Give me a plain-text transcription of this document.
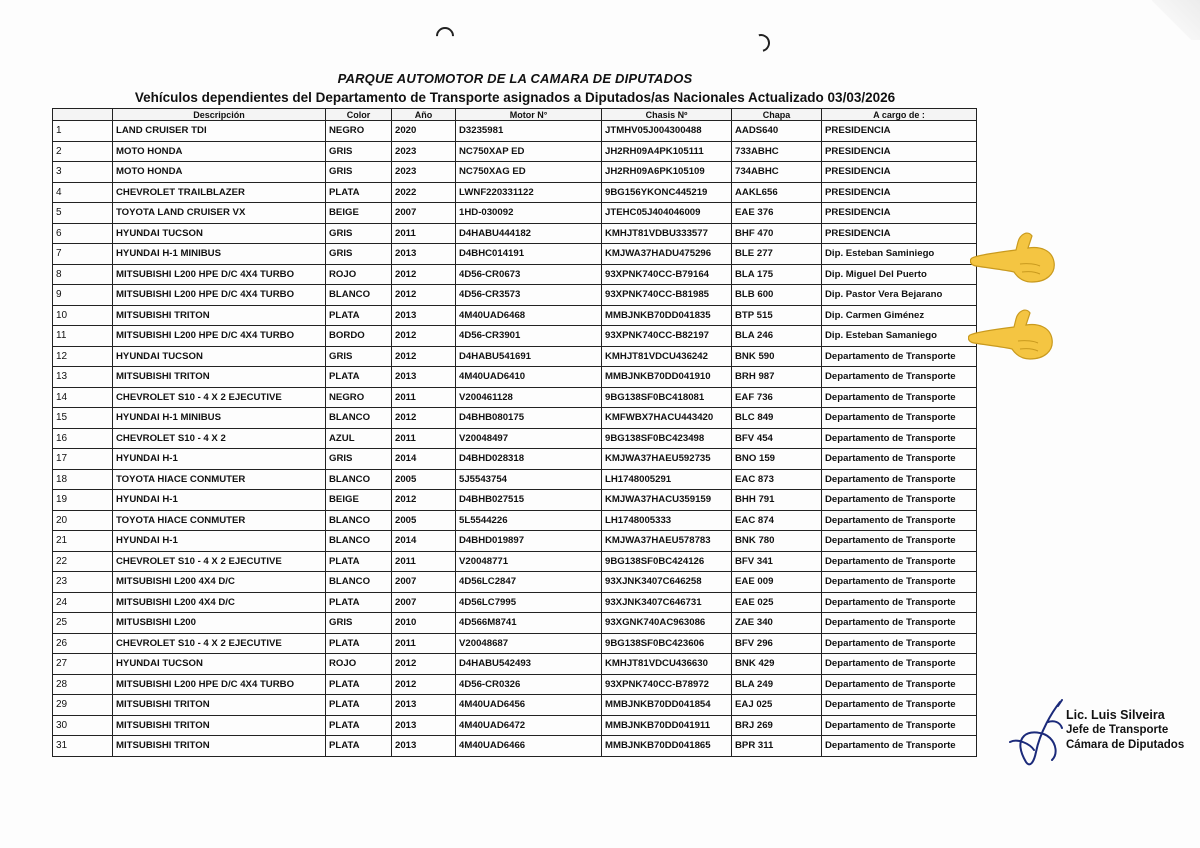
PARQUE AUTOMOTOR DE LA CAMARA DE DIPUTADOS
Vehículos dependientes del Departamento de Transporte asignados a Diputados/as Nacionales Actualizado 03/03/2026
	Descripción	Color	Año	Motor N°	Chasis Nº	Chapa	A cargo de :
1	LAND CRUISER TDI	NEGRO	2020	D3235981	JTMHV05J004300488	AADS640	PRESIDENCIA
2	MOTO HONDA	GRIS	2023	NC750XAP ED	JH2RH09A4PK105111	733ABHC	PRESIDENCIA
3	MOTO HONDA	GRIS	2023	NC750XAG ED	JH2RH09A6PK105109	734ABHC	PRESIDENCIA
4	CHEVROLET TRAILBLAZER	PLATA	2022	LWNF220331122	9BG156YKONC445219	AAKL656	PRESIDENCIA
5	TOYOTA LAND CRUISER VX	BEIGE	2007	1HD-030092	JTEHC05J404046009	EAE 376	PRESIDENCIA
6	HYUNDAI TUCSON	GRIS	2011	D4HABU444182	KMHJT81VDBU333577	BHF 470	PRESIDENCIA
7	HYUNDAI H-1 MINIBUS	GRIS	2013	D4BHC014191	KMJWA37HADU475296	BLE 277	Dip. Esteban Saminiego
8	MITSUBISHI L200 HPE D/C 4X4 TURBO	ROJO	2012	4D56-CR0673	93XPNK740CC-B79164	BLA 175	Dip. Miguel Del Puerto
9	MITSUBISHI L200 HPE D/C 4X4 TURBO	BLANCO	2012	4D56-CR3573	93XPNK740CC-B81985	BLB 600	Dip. Pastor Vera Bejarano
10	MITSUBISHI TRITON	PLATA	2013	4M40UAD6468	MMBJNKB70DD041835	BTP 515	Dip. Carmen Giménez
11	MITSUBISHI L200 HPE D/C 4X4 TURBO	BORDO	2012	4D56-CR3901	93XPNK740CC-B82197	BLA 246	Dip. Esteban Samaniego
12	HYUNDAI TUCSON	GRIS	2012	D4HABU541691	KMHJT81VDCU436242	BNK 590	Departamento de Transporte
13	MITSUBISHI TRITON	PLATA	2013	4M40UAD6410	MMBJNKB70DD041910	BRH 987	Departamento de Transporte
14	CHEVROLET S10 - 4 X 2 EJECUTIVE	NEGRO	2011	V200461128	9BG138SF0BC418081	EAF 736	Departamento de Transporte
15	HYUNDAI H-1 MINIBUS	BLANCO	2012	D4BHB080175	KMFWBX7HACU443420	BLC 849	Departamento de Transporte
16	CHEVROLET S10 - 4 X 2	AZUL	2011	V20048497	9BG138SF0BC423498	BFV 454	Departamento de Transporte
17	HYUNDAI H-1	GRIS	2014	D4BHD028318	KMJWA37HAEU592735	BNO 159	Departamento de Transporte
18	TOYOTA HIACE CONMUTER	BLANCO	2005	5J5543754	LH1748005291	EAC 873	Departamento de Transporte
19	HYUNDAI H-1	BEIGE	2012	D4BHB027515	KMJWA37HACU359159	BHH 791	Departamento de Transporte
20	TOYOTA HIACE CONMUTER	BLANCO	2005	5L5544226	LH1748005333	EAC 874	Departamento de Transporte
21	HYUNDAI H-1	BLANCO	2014	D4BHD019897	KMJWA37HAEU578783	BNK 780	Departamento de Transporte
22	CHEVROLET S10 - 4 X 2 EJECUTIVE	PLATA	2011	V20048771	9BG138SF0BC424126	BFV 341	Departamento de Transporte
23	MITSUBISHI L200 4X4 D/C	BLANCO	2007	4D56LC2847	93XJNK3407C646258	EAE 009	Departamento de Transporte
24	MITSUBISHI L200 4X4 D/C	PLATA	2007	4D56LC7995	93XJNK3407C646731	EAE 025	Departamento de Transporte
25	MITUSBISHI L200	GRIS	2010	4D566M8741	93XGNK740AC963086	ZAE 340	Departamento de Transporte
26	CHEVROLET S10 - 4 X 2 EJECUTIVE	PLATA	2011	V20048687	9BG138SF0BC423606	BFV 296	Departamento de Transporte
27	HYUNDAI TUCSON	ROJO	2012	D4HABU542493	KMHJT81VDCU436630	BNK 429	Departamento de Transporte
28	MITSUBISHI L200 HPE D/C 4X4 TURBO	PLATA	2012	4D56-CR0326	93XPNK740CC-B78972	BLA 249	Departamento de Transporte
29	MITSUBISHI TRITON	PLATA	2013	4M40UAD6456	MMBJNKB70DD041854	EAJ 025	Departamento de Transporte
30	MITSUBISHI TRITON	PLATA	2013	4M40UAD6472	MMBJNKB70DD041911	BRJ 269	Departamento de Transporte
31	MITSUBISHI TRITON	PLATA	2013	4M40UAD6466	MMBJNKB70DD041865	BPR 311	Departamento de Transporte
Lic. Luis Silveira
Jefe de Transporte
Cámara de Diputados
